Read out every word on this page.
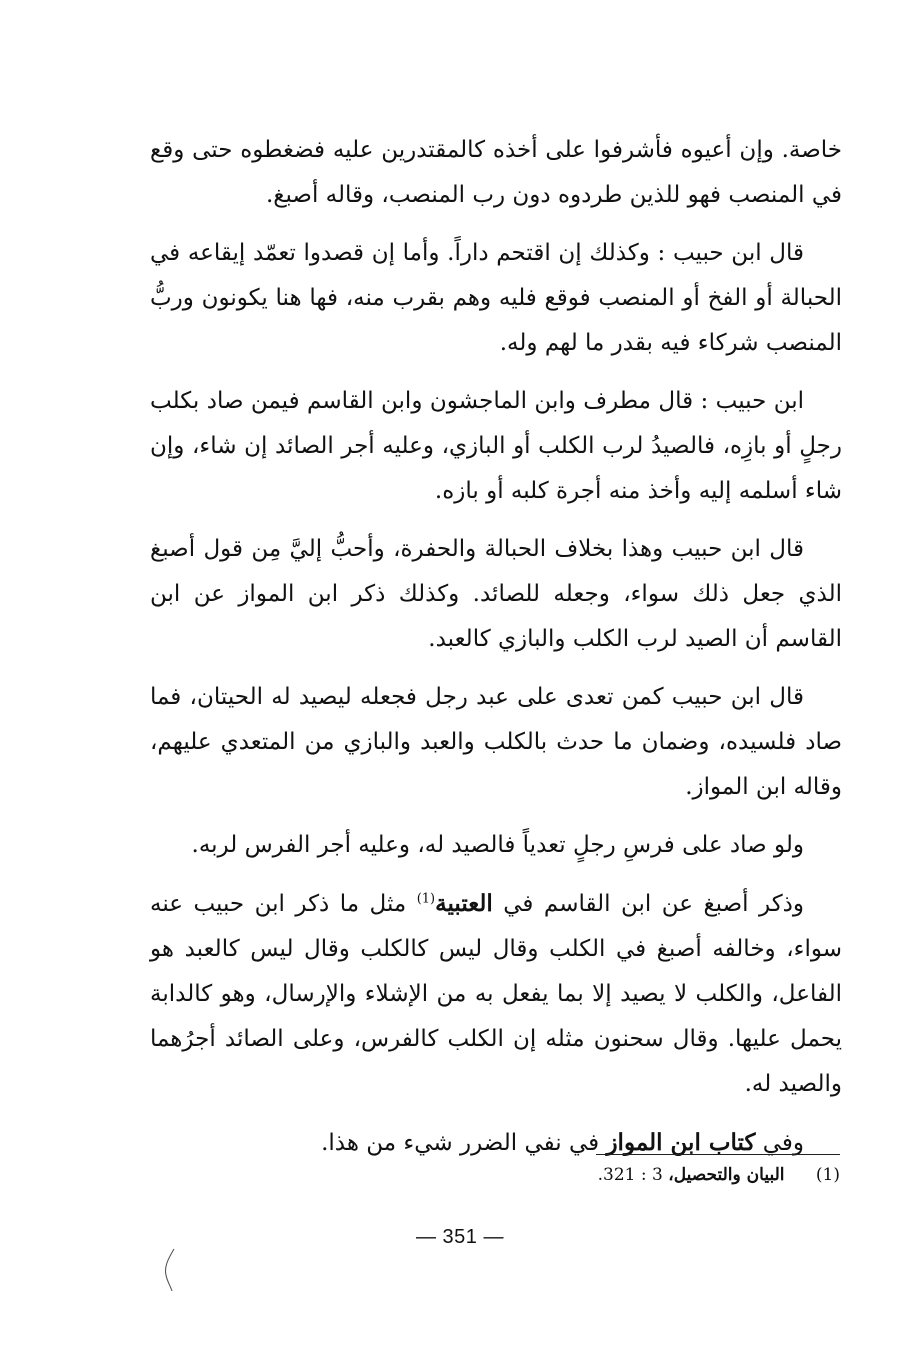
خاصة. وإن أعيوه فأشرفوا على أخذه كالمقتدرين عليه فضغطوه حتى وقع في المنصب فهو للذين طردوه دون رب المنصب، وقاله أصبغ.

قال ابن حبيب : وكذلك إن اقتحم داراً. وأما إن قصدوا تعمّد إيقاعه في الحبالة أو الفخ أو المنصب فوقع فليه وهم بقرب منه، فها هنا يكونون وربُّ المنصب شركاء فيه بقدر ما لهم وله.

ابن حبيب : قال مطرف وابن الماجشون وابن القاسم فيمن صاد بكلب رجلٍ أو بازِه، فالصيدُ لرب الكلب أو البازي، وعليه أجر الصائد إن شاء، وإن شاء أسلمه إليه وأخذ منه أجرة كلبه أو بازه.

قال ابن حبيب وهذا بخلاف الحبالة والحفرة، وأحبُّ إليَّ مِن قول أصبغ الذي جعل ذلك سواء، وجعله للصائد. وكذلك ذكر ابن المواز عن ابن القاسم أن الصيد لرب الكلب والبازي كالعبد.

قال ابن حبيب كمن تعدى على عبد رجل فجعله ليصيد له الحيتان، فما صاد فلسيده، وضمان ما حدث بالكلب والعبد والبازي من المتعدي عليهم، وقاله ابن المواز.

ولو صاد على فرسِ رجلٍ تعدياً فالصيد له، وعليه أجر الفرس لربه.

وذكر أصبغ عن ابن القاسم في العتبية$^{(1)}$ مثل ما ذكر ابن حبيب عنه سواء، وخالفه أصبغ في الكلب وقال ليس كالكلب وقال ليس كالعبد هو الفاعل، والكلب لا يصيد إلا بما يفعل به من الإشلاء والإرسال، وهو كالدابة يحمل عليها. وقال سحنون مثله إن الكلب كالفرس، وعلى الصائد أجرُهما والصيد له.

وفي كتاب ابن المواز في نفي الضرر شيء من هذا.

(1) البيان والتحصيل، 3 : 321.
— 351 —
